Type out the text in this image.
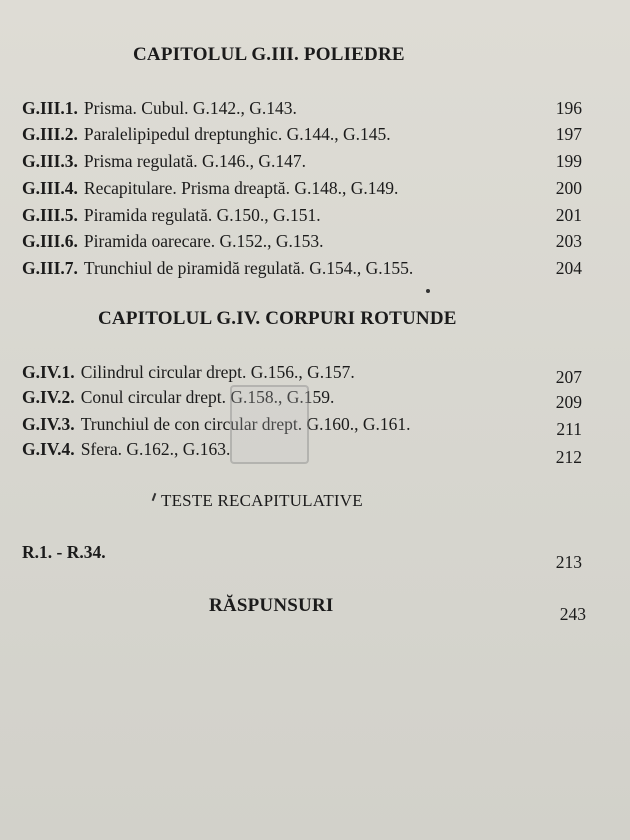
CAPITOLUL G.III. POLIEDRE
G.III.1. Prisma. Cubul. G.142., G.143.	196
G.III.2. Paralelipipedul dreptunghic. G.144., G.145.	197
G.III.3. Prisma regulată. G.146., G.147.	199
G.III.4. Recapitulare. Prisma dreaptă. G.148., G.149.	200
G.III.5. Piramida regulată. G.150., G.151.	201
G.III.6. Piramida oarecare. G.152., G.153.	203
G.III.7. Trunchiul de piramidă regulată. G.154., G.155.	204
CAPITOLUL G.IV. CORPURI ROTUNDE
G.IV.1. Cilindrul circular drept. G.156., G.157.	207
G.IV.2. Conul circular drept. G.158., G.159.	209
G.IV.3. Trunchiul de con circular drept. G.160., G.161.	211
G.IV.4. Sfera. G.162., G.163.	212
TESTE RECAPITULATIVE
R.1. - R.34.	213
RĂSPUNSURI	243
